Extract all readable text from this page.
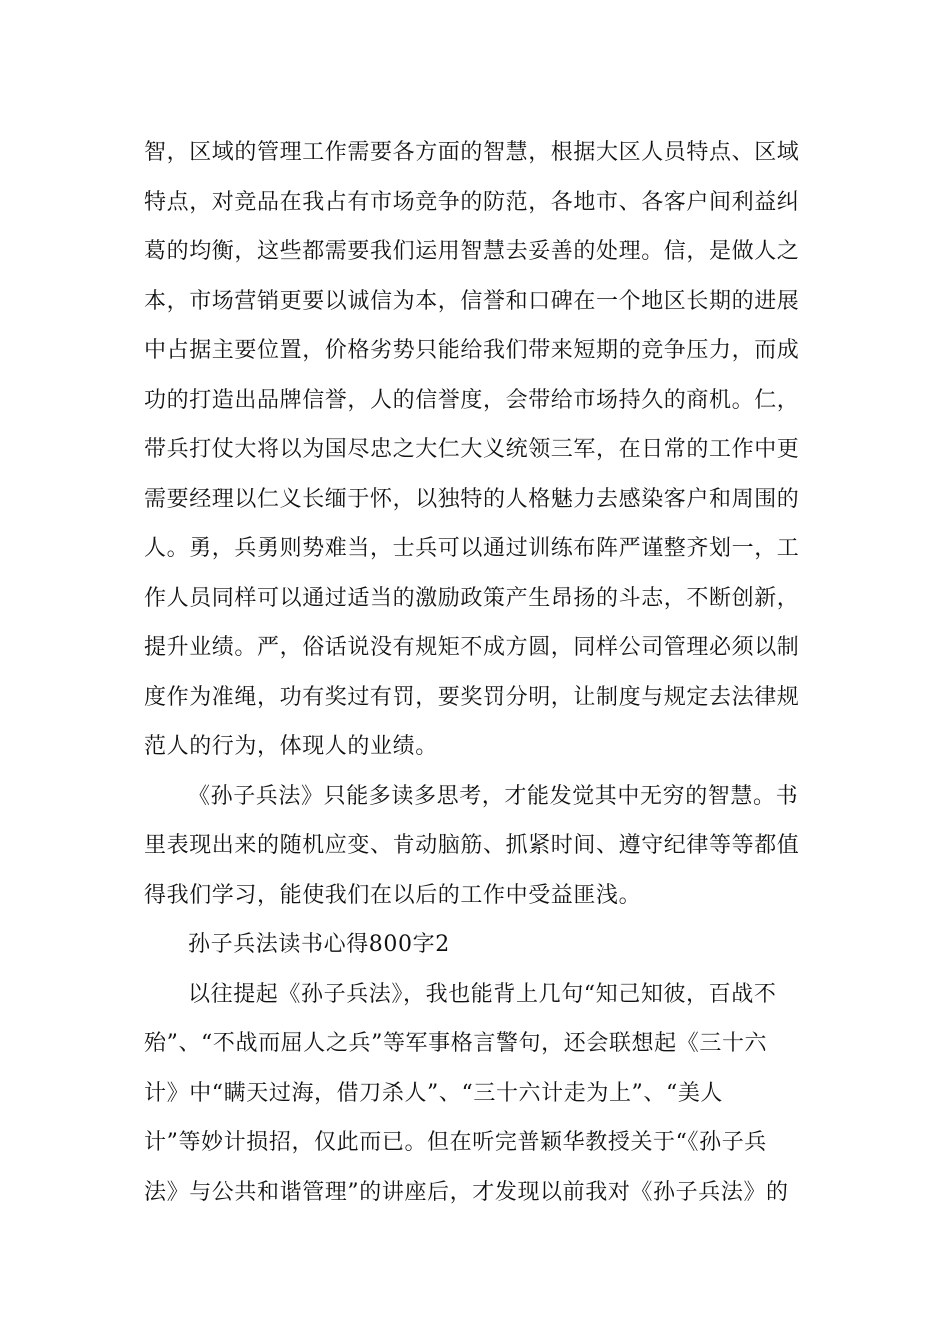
智，区域的管理工作需要各方面的智慧，根据大区人员特点、区域
特点，对竞品在我占有市场竞争的防范，各地市、各客户间利益纠
葛的均衡，这些都需要我们运用智慧去妥善的处理。信，是做人之
本，市场营销更要以诚信为本，信誉和口碑在一个地区长期的进展
中占据主要位置，价格劣势只能给我们带来短期的竞争压力，而成
功的打造出品牌信誉，人的信誉度，会带给市场持久的商机。仁，
带兵打仗大将以为国尽忠之大仁大义统领三军，在日常的工作中更
需要经理以仁义长缅于怀，以独特的人格魅力去感染客户和周围的
人。勇，兵勇则势难当，士兵可以通过训练布阵严谨整齐划一，工
作人员同样可以通过适当的激励政策产生昂扬的斗志，不断创新，
提升业绩。严，俗话说没有规矩不成方圆，同样公司管理必须以制
度作为准绳，功有奖过有罚，要奖罚分明，让制度与规定去法律规
范人的行为，体现人的业绩。
《孙子兵法》只能多读多思考，才能发觉其中无穷的智慧。书
里表现出来的随机应变、肯动脑筋、抓紧时间、遵守纪律等等都值
得我们学习，能使我们在以后的工作中受益匪浅。
孙子兵法读书心得800字2
以往提起《孙子兵法》，我也能背上几句“知己知彼，百战不
殆”、“不战而屈人之兵”等军事格言警句，还会联想起《三十六
计》中“瞒天过海，借刀杀人”、“三十六计走为上”、“美人
计”等妙计损招，仅此而已。但在听完普颖华教授关于“《孙子兵
法》与公共和谐管理”的讲座后，才发现以前我对《孙子兵法》的
